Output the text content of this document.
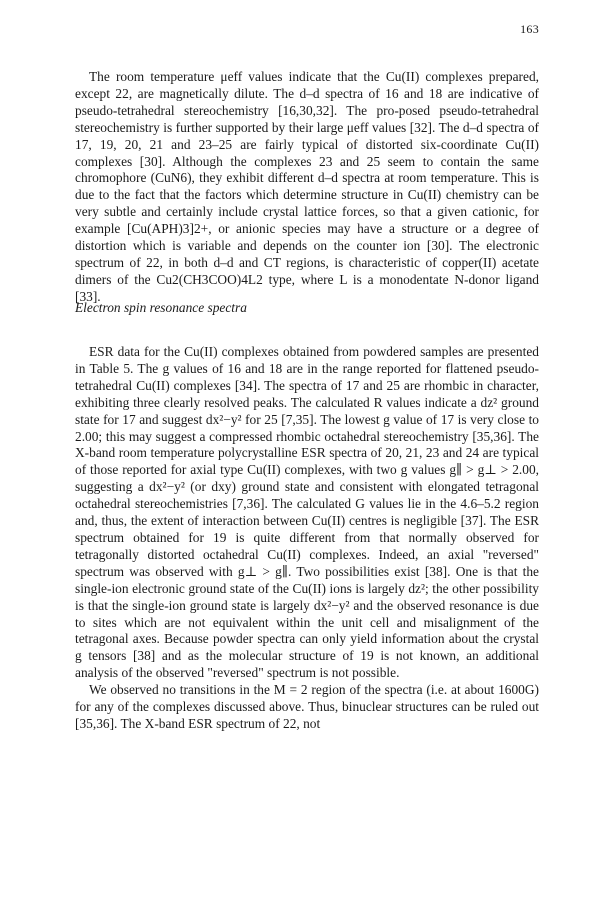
163

The room temperature μeff values indicate that the Cu(II) complexes prepared, except 22, are magnetically dilute. The d–d spectra of 16 and 18 are indicative of pseudo-tetrahedral stereochemistry [16,30,32]. The pro-posed pseudo-tetrahedral stereochemistry is further supported by their large μeff values [32]. The d–d spectra of 17, 19, 20, 21 and 23–25 are fairly typical of distorted six-coordinate Cu(II) complexes [30]. Although the complexes 23 and 25 seem to contain the same chromophore (CuN6), they exhibit different d–d spectra at room temperature. This is due to the fact that the factors which determine structure in Cu(II) chemistry can be very subtle and certainly include crystal lattice forces, so that a given cationic, for example [Cu(APH)3]2+, or anionic species may have a structure or a degree of distortion which is variable and depends on the counter ion [30]. The electronic spectrum of 22, in both d–d and CT regions, is characteristic of copper(II) acetate dimers of the Cu2(CH3COO)4L2 type, where L is a monodentate N-donor ligand [33].

Electron spin resonance spectra

ESR data for the Cu(II) complexes obtained from powdered samples are presented in Table 5. The g values of 16 and 18 are in the range reported for flattened pseudo-tetrahedral Cu(II) complexes [34]. The spectra of 17 and 25 are rhombic in character, exhibiting three clearly resolved peaks. The calculated R values indicate a dz² ground state for 17 and suggest dx²−y² for 25 [7,35]. The lowest g value of 17 is very close to 2.00; this may suggest a compressed rhombic octahedral stereochemistry [35,36]. The X-band room temperature polycrystalline ESR spectra of 20, 21, 23 and 24 are typical of those reported for axial type Cu(II) complexes, with two g values g∥ > g⊥ > 2.00, suggesting a dx²−y² (or dxy) ground state and consistent with elongated tetragonal octahedral stereochemistries [7,36]. The calculated G values lie in the 4.6–5.2 region and, thus, the extent of interaction between Cu(II) centres is negligible [37]. The ESR spectrum obtained for 19 is quite different from that normally observed for tetragonally distorted octahedral Cu(II) complexes. Indeed, an axial "reversed" spectrum was observed with g⊥ > g∥. Two possibilities exist [38]. One is that the single-ion electronic ground state of the Cu(II) ions is largely dz²; the other possibility is that the single-ion ground state is largely dx²−y² and the observed resonance is due to sites which are not equivalent within the unit cell and misalignment of the tetragonal axes. Because powder spectra can only yield information about the crystal g tensors [38] and as the molecular structure of 19 is not known, an additional analysis of the observed "reversed" spectrum is not possible.

We observed no transitions in the M = 2 region of the spectra (i.e. at about 1600G) for any of the complexes discussed above. Thus, binuclear structures can be ruled out [35,36]. The X-band ESR spectrum of 22, not
